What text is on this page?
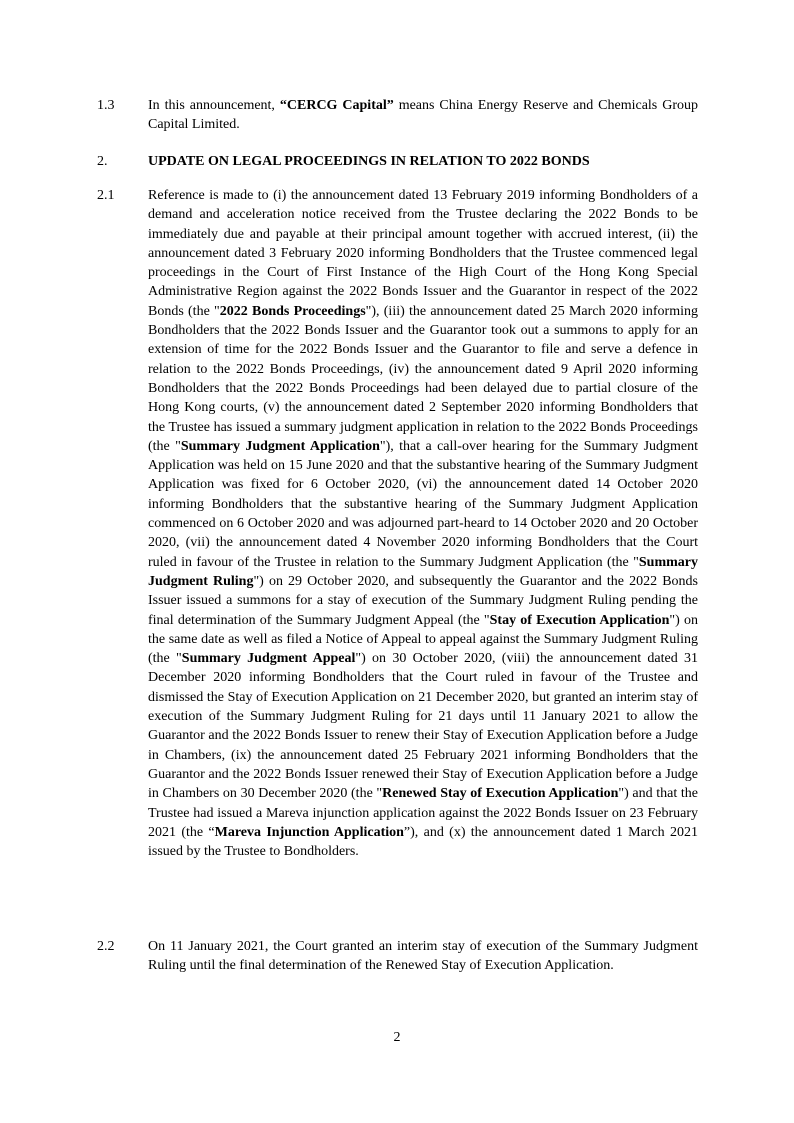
1.3	In this announcement, “CERCG Capital” means China Energy Reserve and Chemicals Group Capital Limited.
2.	UPDATE ON LEGAL PROCEEDINGS IN RELATION TO 2022 BONDS
2.1	Reference is made to (i) the announcement dated 13 February 2019 informing Bondholders of a demand and acceleration notice received from the Trustee declaring the 2022 Bonds to be immediately due and payable at their principal amount together with accrued interest, (ii) the announcement dated 3 February 2020 informing Bondholders that the Trustee commenced legal proceedings in the Court of First Instance of the High Court of the Hong Kong Special Administrative Region against the 2022 Bonds Issuer and the Guarantor in respect of the 2022 Bonds (the "2022 Bonds Proceedings"), (iii) the announcement dated 25 March 2020 informing Bondholders that the 2022 Bonds Issuer and the Guarantor took out a summons to apply for an extension of time for the 2022 Bonds Issuer and the Guarantor to file and serve a defence in relation to the 2022 Bonds Proceedings, (iv) the announcement dated 9 April 2020 informing Bondholders that the 2022 Bonds Proceedings had been delayed due to partial closure of the Hong Kong courts, (v) the announcement dated 2 September 2020 informing Bondholders that the Trustee has issued a summary judgment application in relation to the 2022 Bonds Proceedings (the "Summary Judgment Application"), that a call-over hearing for the Summary Judgment Application was held on 15 June 2020 and that the substantive hearing of the Summary Judgment Application was fixed for 6 October 2020, (vi) the announcement dated 14 October 2020 informing Bondholders that the substantive hearing of the Summary Judgment Application commenced on 6 October 2020 and was adjourned part-heard to 14 October 2020 and 20 October 2020, (vii) the announcement dated 4 November 2020 informing Bondholders that the Court ruled in favour of the Trustee in relation to the Summary Judgment Application (the "Summary Judgment Ruling") on 29 October 2020, and subsequently the Guarantor and the 2022 Bonds Issuer issued a summons for a stay of execution of the Summary Judgment Ruling pending the final determination of the Summary Judgment Appeal (the "Stay of Execution Application") on the same date as well as filed a Notice of Appeal to appeal against the Summary Judgment Ruling (the "Summary Judgment Appeal") on 30 October 2020, (viii) the announcement dated 31 December 2020 informing Bondholders that the Court ruled in favour of the Trustee and dismissed the Stay of Execution Application on 21 December 2020, but granted an interim stay of execution of the Summary Judgment Ruling for 21 days until 11 January 2021 to allow the Guarantor and the 2022 Bonds Issuer to renew their Stay of Execution Application before a Judge in Chambers, (ix) the announcement dated 25 February 2021 informing Bondholders that the Guarantor and the 2022 Bonds Issuer renewed their Stay of Execution Application before a Judge in Chambers on 30 December 2020 (the "Renewed Stay of Execution Application") and that the Trustee had issued a Mareva injunction application against the 2022 Bonds Issuer on 23 February 2021 (the “Mareva Injunction Application”), and (x) the announcement dated 1 March 2021 issued by the Trustee to Bondholders.
2.2	On 11 January 2021, the Court granted an interim stay of execution of the Summary Judgment Ruling until the final determination of the Renewed Stay of Execution Application.
2
